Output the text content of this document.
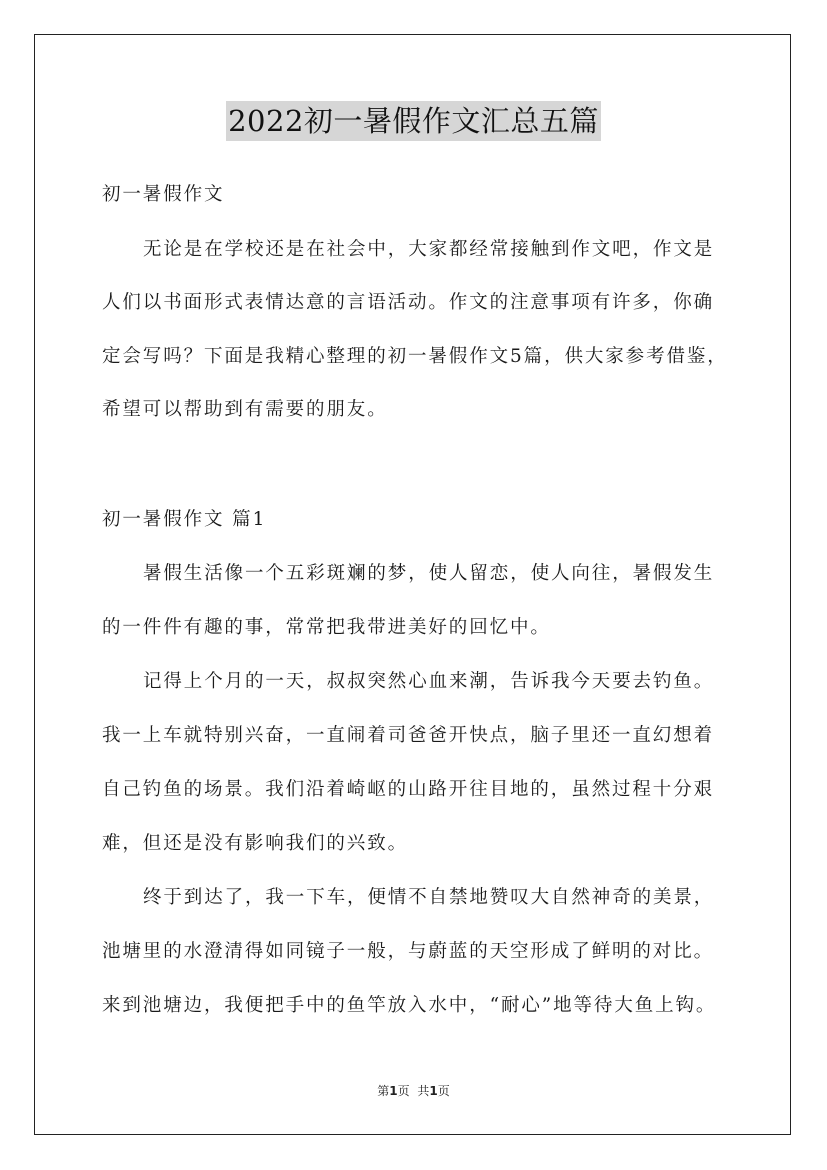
2022初一暑假作文汇总五篇
初一暑假作文
无论是在学校还是在社会中，大家都经常接触到作文吧，作文是
人们以书面形式表情达意的言语活动。作文的注意事项有许多，你确
定会写吗？下面是我精心整理的初一暑假作文5篇，供大家参考借鉴，
希望可以帮助到有需要的朋友。
初一暑假作文 篇1
暑假生活像一个五彩斑斓的梦，使人留恋，使人向往，暑假发生
的一件件有趣的事，常常把我带进美好的回忆中。
记得上个月的一天，叔叔突然心血来潮，告诉我今天要去钓鱼。
我一上车就特别兴奋，一直闹着司爸爸开快点，脑子里还一直幻想着
自己钓鱼的场景。我们沿着崎岖的山路开往目地的，虽然过程十分艰
难，但还是没有影响我们的兴致。
终于到达了，我一下车，便情不自禁地赞叹大自然神奇的美景，
池塘里的水澄清得如同镜子一般，与蔚蓝的天空形成了鲜明的对比。
来到池塘边，我便把手中的鱼竿放入水中，“耐心”地等待大鱼上钩。
第1页 共1页
